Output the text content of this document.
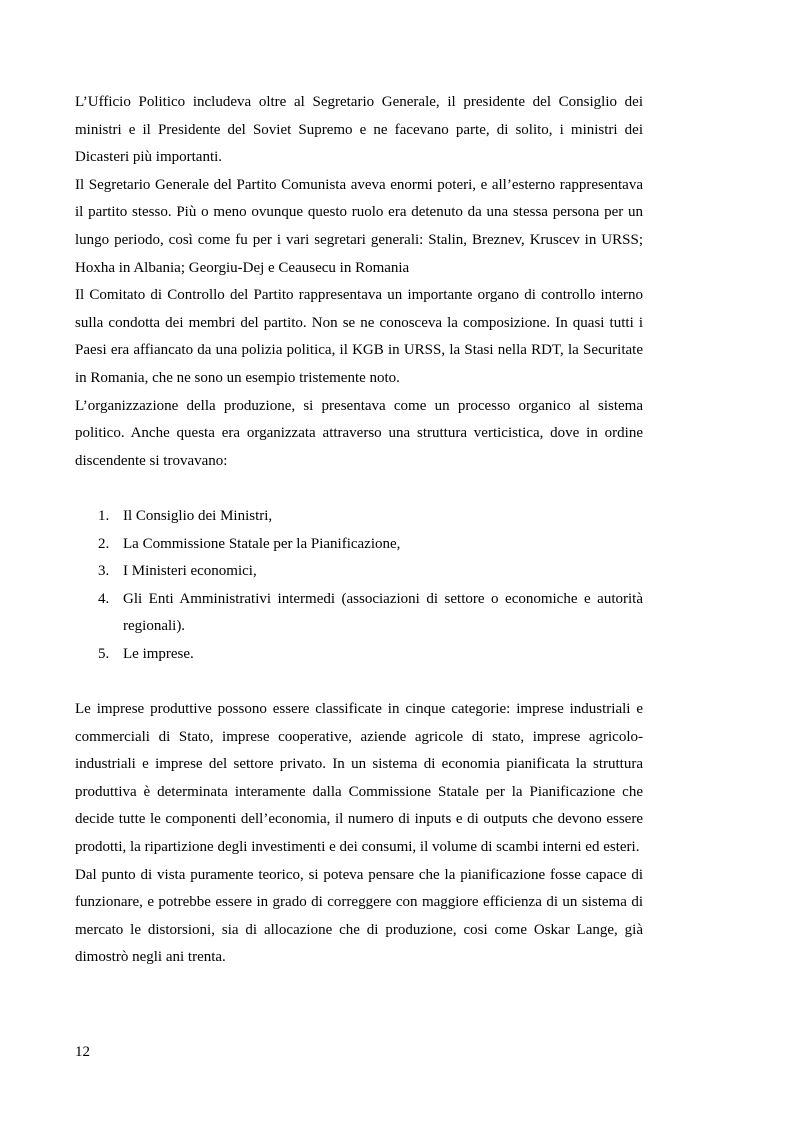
L’Ufficio Politico includeva oltre al Segretario Generale, il presidente del Consiglio dei ministri e il Presidente del Soviet Supremo e ne facevano parte, di solito, i ministri dei Dicasteri più importanti.

Il Segretario Generale del Partito Comunista aveva enormi poteri, e all’esterno rappresentava il partito stesso. Più o meno ovunque questo ruolo era detenuto da una stessa persona per un lungo periodo, così come fu per i vari segretari generali: Stalin, Breznev, Kruscev in URSS; Hoxha in Albania; Georgiu-Dej e Ceausecu in Romania

Il Comitato di Controllo del Partito rappresentava un importante organo di controllo interno sulla condotta dei membri del partito. Non se ne conosceva la composizione. In quasi tutti i Paesi era affiancato da una polizia politica, il KGB in URSS, la Stasi nella RDT, la Securitate in Romania, che ne sono un esempio tristemente noto.

L’organizzazione della produzione, si presentava come un processo organico al sistema politico. Anche questa era organizzata attraverso una struttura verticistica, dove in ordine discendente si trovavano:

1. Il Consiglio dei Ministri,
2. La Commissione Statale per la Pianificazione,
3. I Ministeri economici,
4. Gli Enti Amministrativi intermedi (associazioni di settore o economiche e autorità regionali).
5. Le imprese.

Le imprese produttive possono essere classificate in cinque categorie: imprese industriali e commerciali di Stato, imprese cooperative, aziende agricole di stato, imprese agricolo-industriali e imprese del settore privato. In un sistema di economia pianificata la struttura produttiva è determinata interamente dalla Commissione Statale per la Pianificazione che decide tutte le componenti dell’economia, il numero di inputs e di outputs che devono essere prodotti, la ripartizione degli investimenti e dei consumi, il volume di scambi interni ed esteri.

Dal punto di vista puramente teorico, si poteva pensare che la pianificazione fosse capace di funzionare, e potrebbe essere in grado di correggere con maggiore efficienza di un sistema di mercato le distorsioni, sia di allocazione che di produzione, cosi come Oskar Lange, già dimostrò negli ani trenta.

12
